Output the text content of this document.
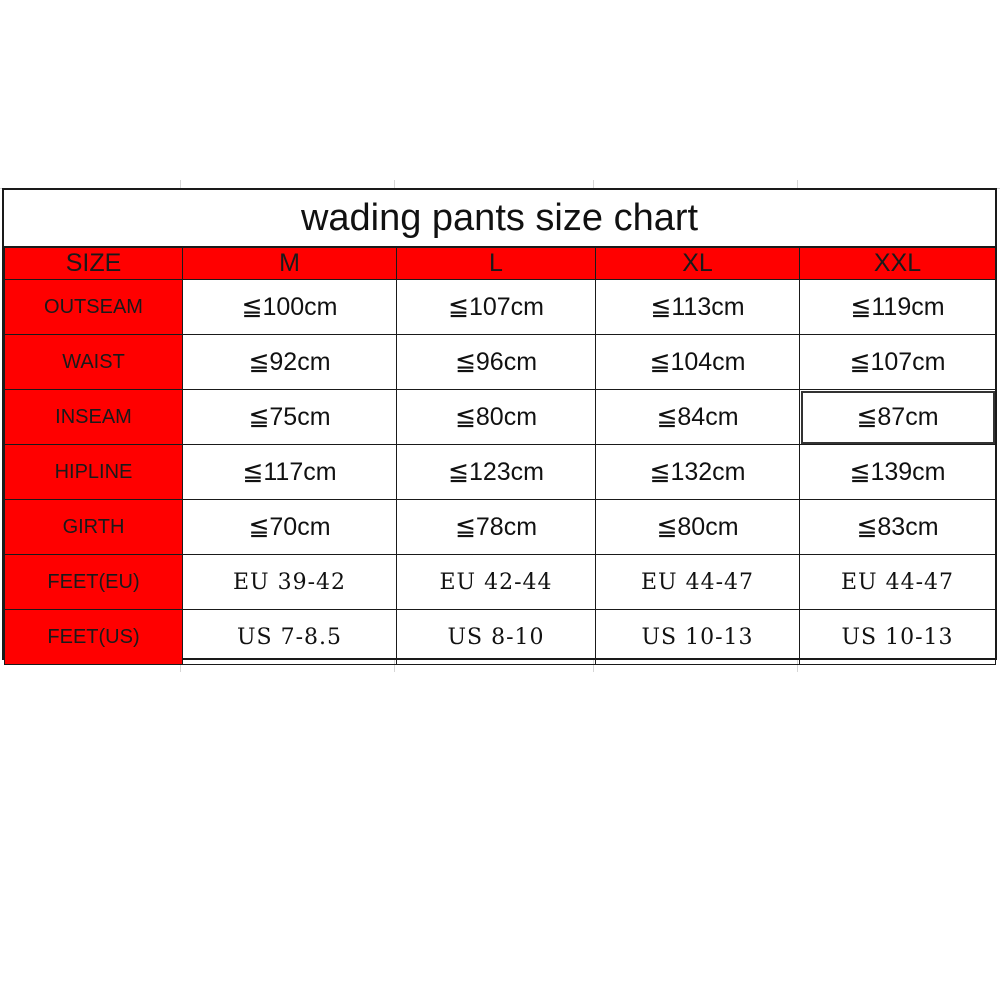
wading pants size chart
SIZE	M	L	XL	XXL
OUTSEAM	≦100cm	≦107cm	≦113cm	≦119cm
WAIST	≦92cm	≦96cm	≦104cm	≦107cm
INSEAM	≦75cm	≦80cm	≦84cm	≦87cm
HIPLINE	≦117cm	≦123cm	≦132cm	≦139cm
GIRTH	≦70cm	≦78cm	≦80cm	≦83cm
FEET(EU)	EU 39-42	EU 42-44	EU 44-47	EU 44-47
FEET(US)	US 7-8.5	US 8-10	US 10-13	US 10-13
